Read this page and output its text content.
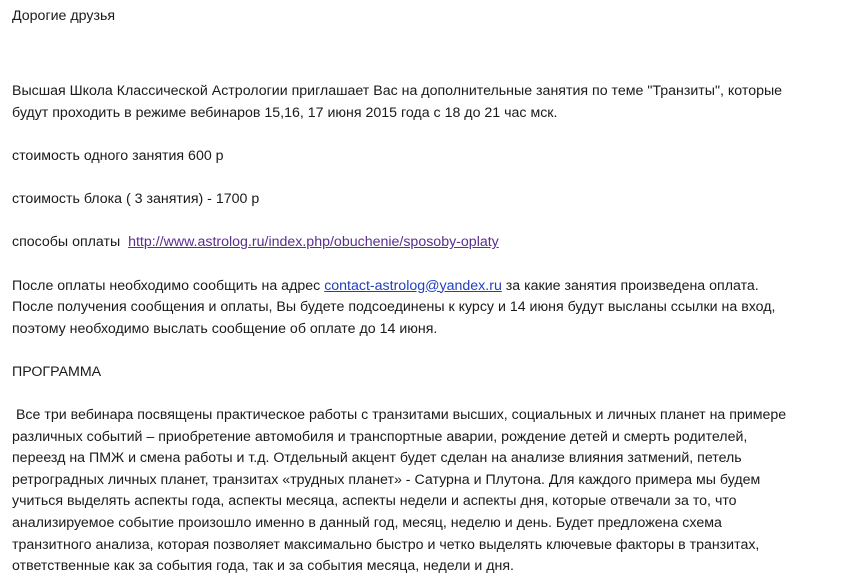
Дорогие друзья
Высшая Школа Классической Астрологии приглашает Вас на дополнительные занятия по теме "Транзиты", которые
будут проходить в режиме вебинаров 15,16, 17 июня 2015 года с 18 до 21 час мск.
стоимость одного занятия 600 р
стоимость блока ( 3 занятия) - 1700 р
способы оплаты  http://www.astrolog.ru/index.php/obuchenie/sposoby-oplaty
После оплаты необходимо сообщить на адрес contact-astrolog@yandex.ru за какие занятия произведена оплата.
После получения сообщения и оплаты, Вы будете подсоединены к курсу и 14 июня будут высланы ссылки на вход,
поэтому необходимо выслать сообщение об оплате до 14 июня.
ПРОГРАММА
Все три вебинара посвящены практическое работы с транзитами высших, социальных и личных планет на примере
различных событий – приобретение автомобиля и транспортные аварии, рождение детей и смерть родителей,
переезд на ПМЖ и смена работы и т.д. Отдельный акцент будет сделан на анализе влияния затмений, петель
ретроградных личных планет, транзитах «трудных планет» - Сатурна и Плутона. Для каждого примера мы будем
учиться выделять аспекты года, аспекты месяца, аспекты недели и аспекты дня, которые отвечали за то, что
анализируемое событие произошло именно в данный год, месяц, неделю и день. Будет предложена схема
транзитного анализа, которая позволяет максимально быстро и четко выделять ключевые факторы в транзитах,
ответственные как за события года, так и за события месяца, недели и дня.
